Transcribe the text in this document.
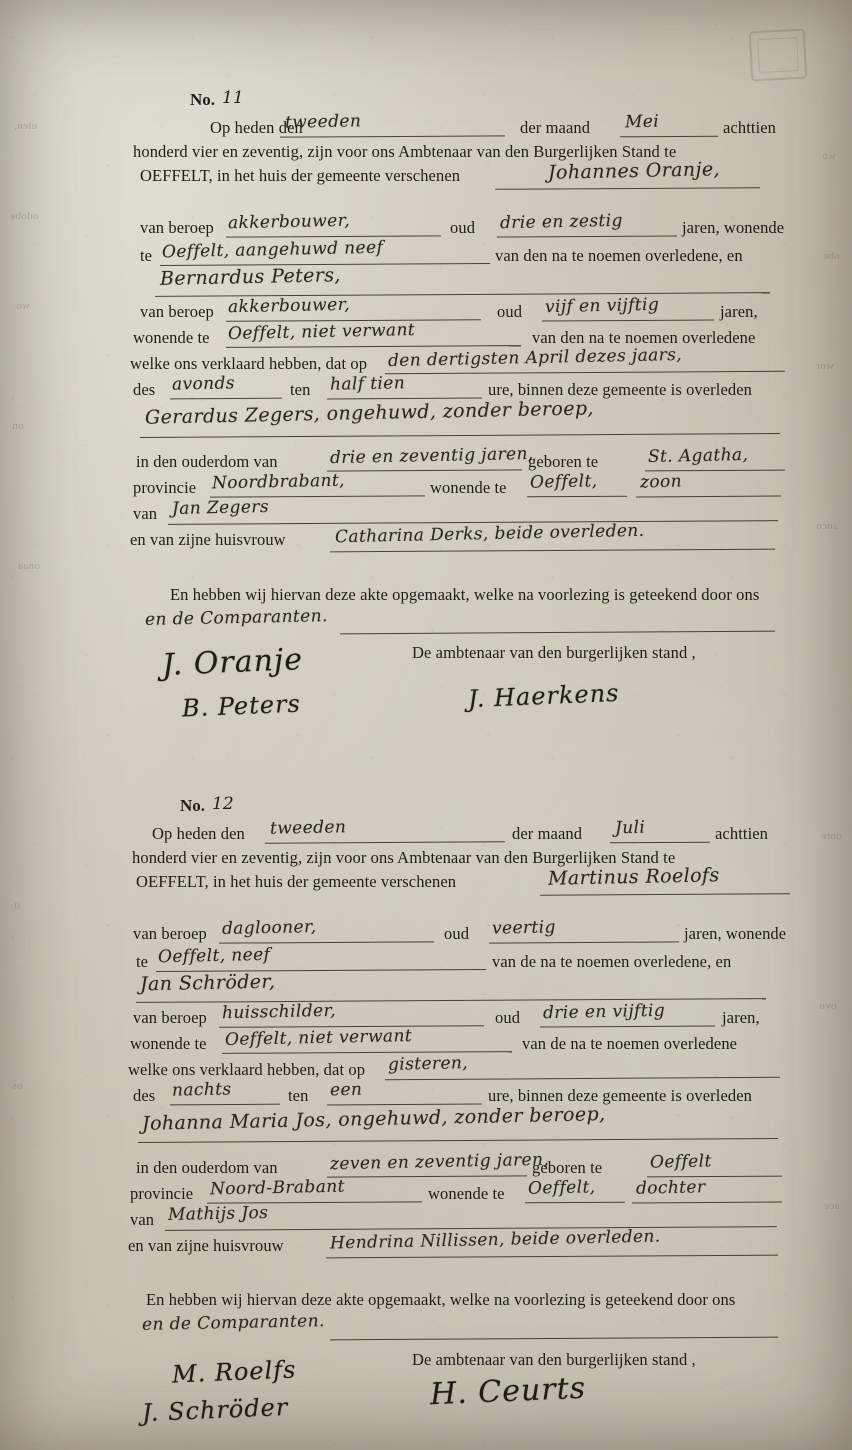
uien,
odobe
wo
on
onaa
0
os
wo
obe
wor
anco
onre
ovo
ace
No. 11
Op heden den
tweeden	der maand Mei	achttien
honderd vier en zeventig, zijn voor ons Ambtenaar van den Burgerlijken Stand te
OEFFELT, in het huis der gemeente verschenen	Johannes Oranje,
van beroep akkerbouwer,	oud drie en zestig	jaren, wonende
te Oeffelt, aangehuwd neef	van den na te noemen overledene, en
Bernardus Peters,
van beroep akkerbouwer,	oud vijf en vijftig	jaren,
wonende te Oeffelt, niet verwant	van den na te noemen overledene
welke ons verklaard hebben, dat op den dertigsten April dezes jaars,
des avonds	ten half tien	ure, binnen deze gemeente is overleden
Gerardus Zegers, ongehuwd, zonder beroep,
in den ouderdom van	drie en zeventig jaren,
geboren te	St. Agatha,
provincie Noordbrabant,	wonende te Oeffelt, zoon
van Jan Zegers
en van zijne huisvrouw	Catharina Derks, beide overleden.
En hebben wij hiervan deze akte opgemaakt, welke na voorlezing is geteekend door ons
en de Comparanten.
De ambtenaar van den burgerlijken stand ,
J. Oranje
B. Peters	J. Haerkens
No. 12
Op heden den tweeden	der maand Juli	achttien
honderd vier en zeventig, zijn voor ons Ambtenaar van den Burgerlijken Stand te
OEFFELT, in het huis der gemeente verschenen	Martinus Roelofs
van beroep daglooner,	oud veertig	jaren, wonende
te Oeffelt, neef	van de na te noemen overledene, en
Jan Schröder,
van beroep huisschilder,	oud drie en vijftig	jaren,
wonende te Oeffelt, niet verwant	van de na te noemen overledene
welke ons verklaard hebben, dat op gisteren,
des nachts	ten een	ure, binnen deze gemeente is overleden
Johanna Maria Jos, ongehuwd, zonder beroep,
in den ouderdom van	zeven en zeventig jaren,
geboren te	Oeffelt
provincie Noord-Brabant	wonende te Oeffelt, dochter
van Mathijs Jos
en van zijne huisvrouw	Hendrina Nillissen, beide overleden.
En hebben wij hiervan deze akte opgemaakt, welke na voorlezing is geteekend door ons
en de Comparanten.
De ambtenaar van den burgerlijken stand ,
M. Roelfs
J. Schröder	H. Ceurts
